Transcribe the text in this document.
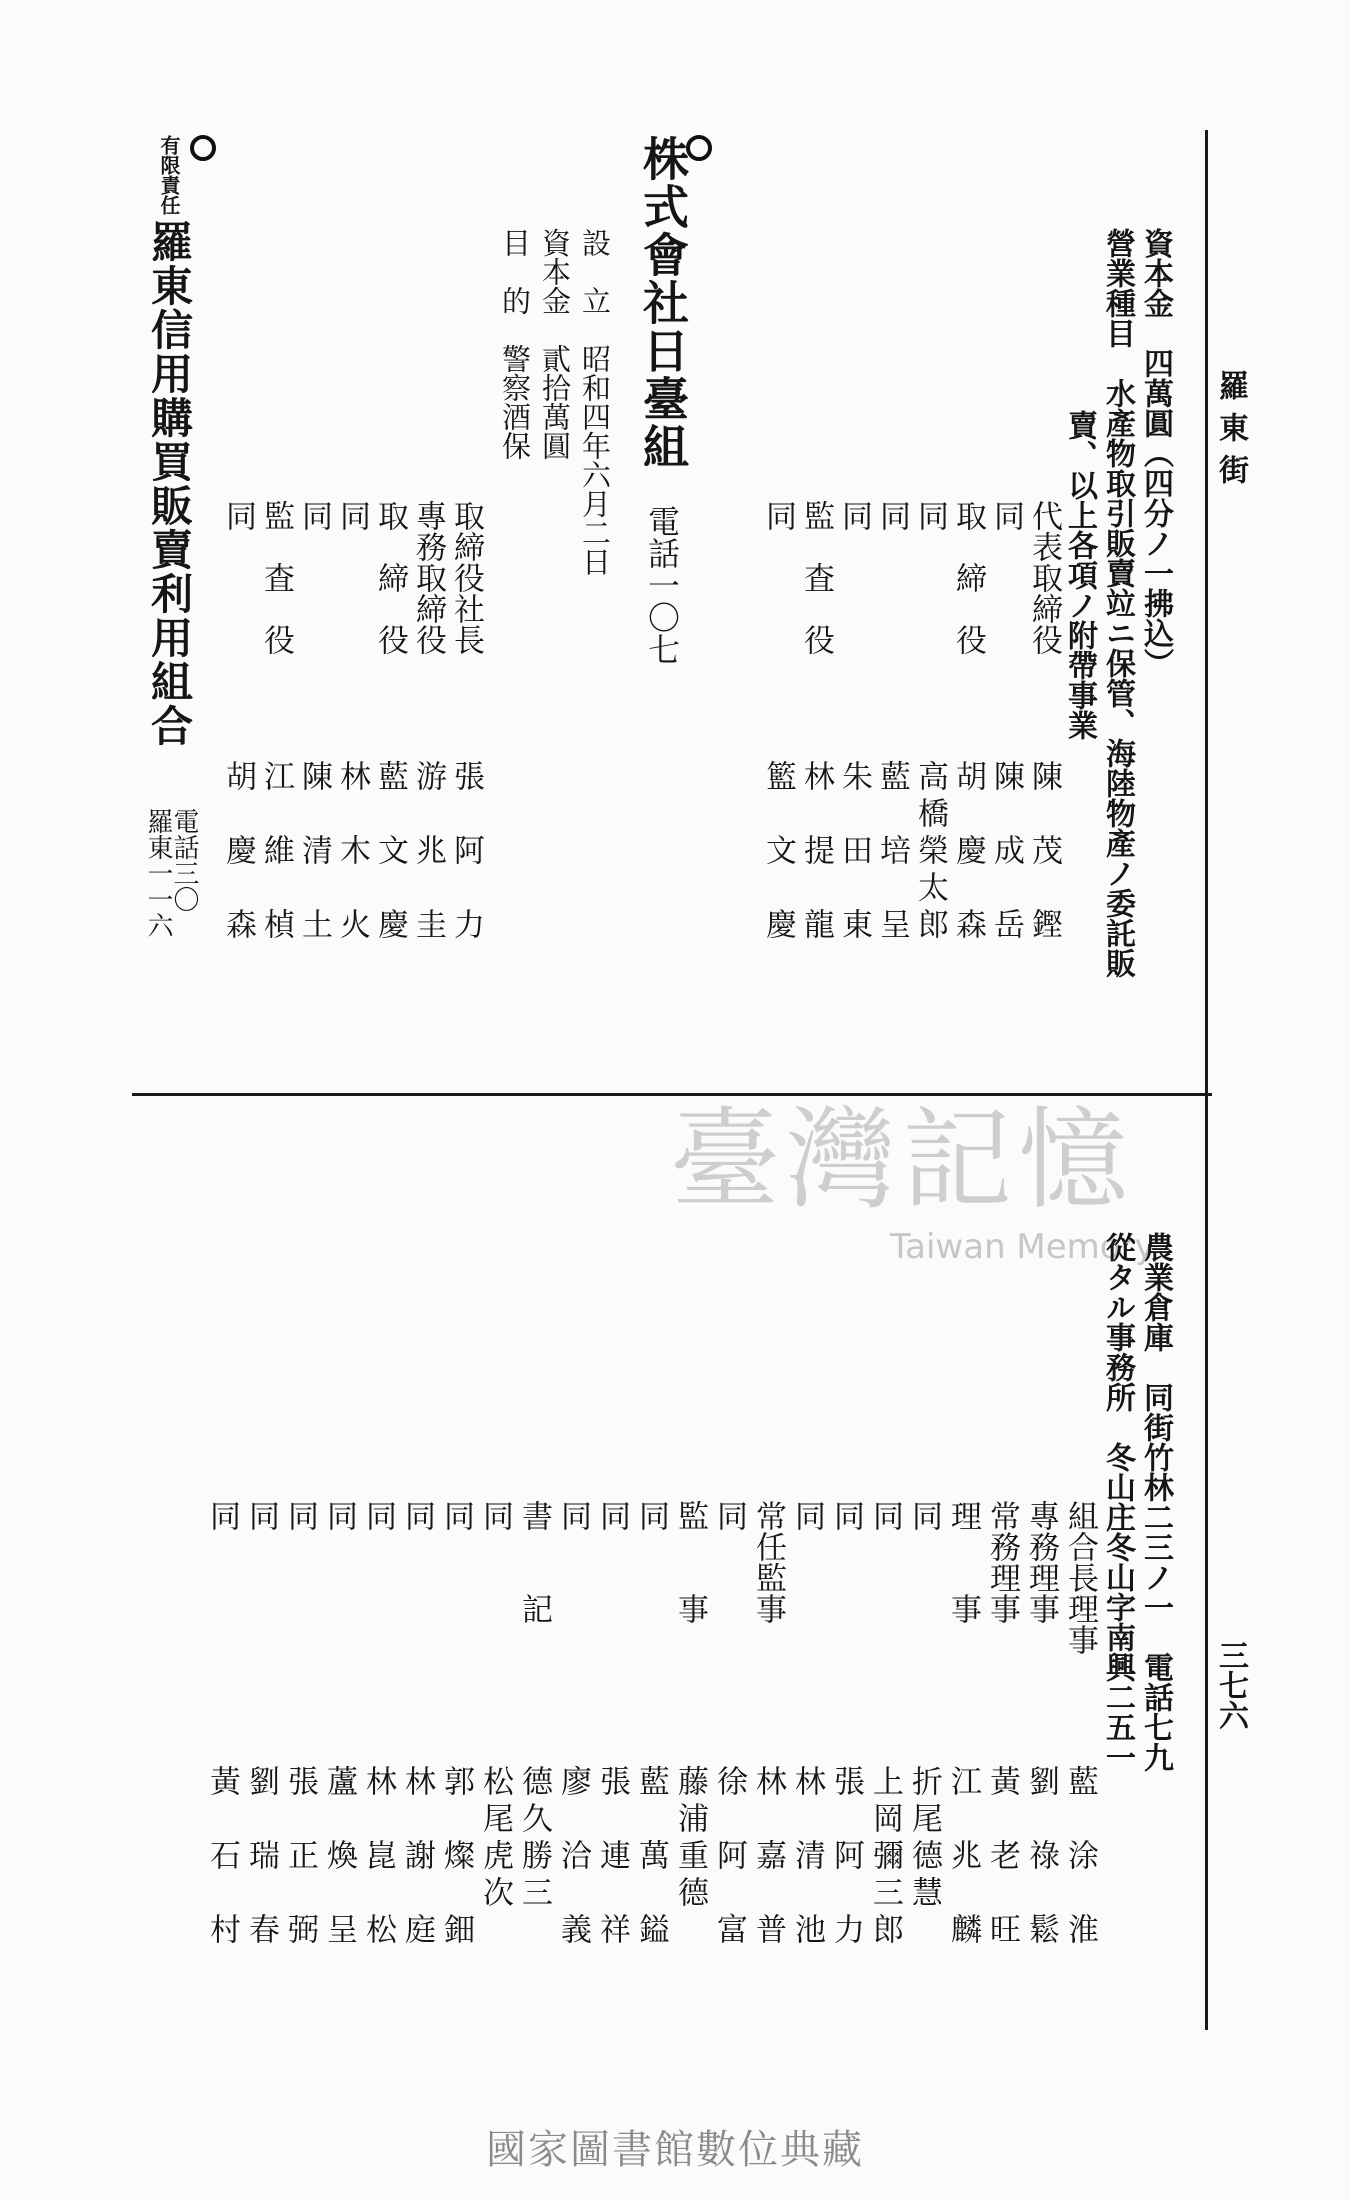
羅東街
三七六
資本金　四萬圓（四分ノ一拂込）
營業種目　水產物取引販賣竝ニ保管、海陸物產ノ委託販
賣、以上各項ノ附帶事業
代表取締役
陳　茂　鏗
同
陳　成　岳
取　締　役
胡　慶　森
同
高橋榮太郎
同
藍　培　呈
同
朱　田　東
監　査　役
林　提　龍
同
籃　文　慶
株式會社日臺組
電話一〇七
設　立　昭和四年六月二日
資本金　貳拾萬圓
目　的　警察酒保
取締役社長
張　阿　力
專務取締役
游　兆　圭
取　締　役
藍　文　慶
同
林　木　火
同
陳　清　土
監　査　役
江　維　楨
同
胡　慶　森
有限
責任
羅東信用購買販賣利用組合
羅東一一六
電話三〇
臺灣記憶
Taiwan Memory
農業倉庫　同街竹林二三ノ一　電話七九
從タル事務所　冬山庄冬山字南興二五一
組合長理事
藍　涂　淮
專務理事
劉　祿　鬆
常務理事
黃　老　旺
理　　事
江　兆　麟
同
折尾德慧
同
上岡彌三郎
同
張　阿　力
同
林　清　池
常任監事
林　嘉　普
同
徐　阿　富
監　　事
藤浦重德
同
藍　萬　鎰
同
張　連　祥
同
廖　洽　義
書　　記
德久勝三
同
松尾虎次
同
郭　燦　鈿
同
林　謝　庭
同
林　崑　松
同
蘆　煥　呈
同
張　正　弼
同
劉　瑞　春
同
黃　石　村
國家圖書館數位典藏
